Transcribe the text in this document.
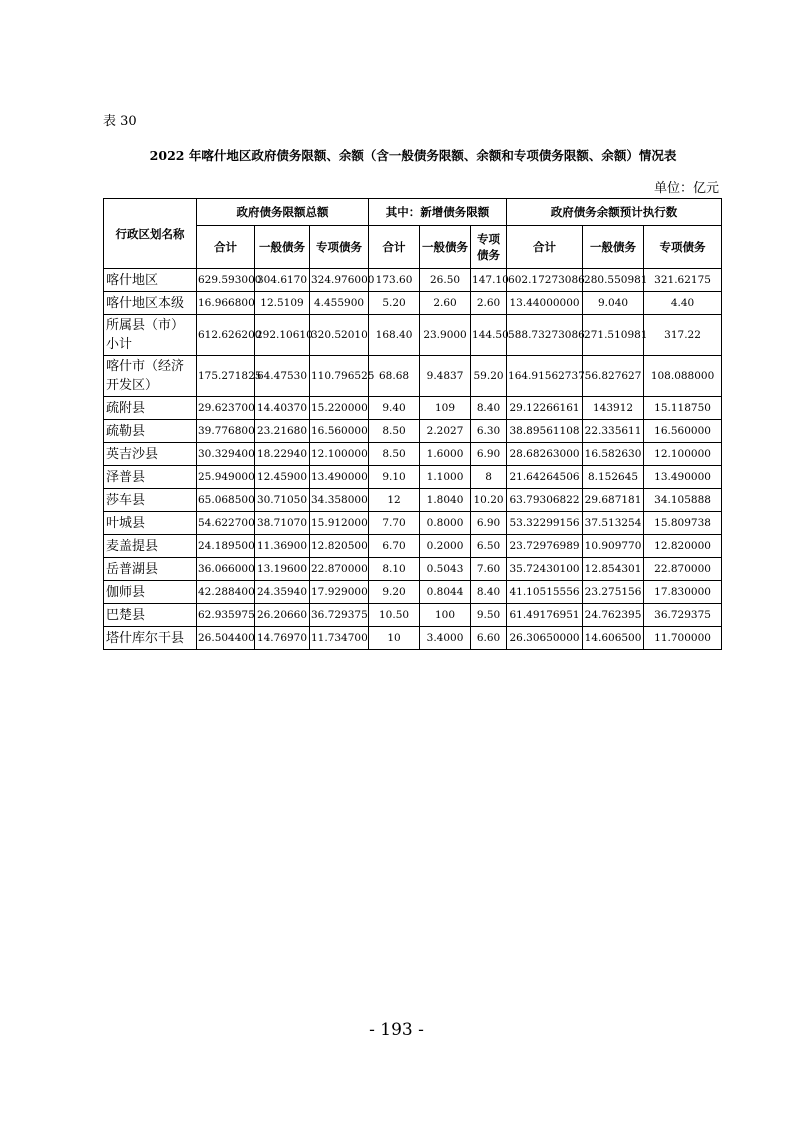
表 30
2022 年喀什地区政府债务限额、余额（含一般债务限额、余额和专项债务限额、余额）情况表
单位：亿元
行政区划名称	政府债务限额总额			其中：新增债务限额			政府债务余额预计执行数		
	合计	一般债务	专项债务	合计	一般债务	专项债务	合计	一般债务	专项债务
喀什地区	629.593000	304.6170	324.976000	173.60	26.50	147.10	602.17273086	280.550981	321.62175
喀什地区本级	16.966800	12.5109	4.455900	5.20	2.60	2.60	13.44000000	9.040	4.40
所属县（市）小计	612.626200	292.10610	320.52010	168.40	23.9000	144.50	588.73273086	271.510981	317.22
喀什市（经济开发区）	175.271825	64.47530	110.796525	68.68	9.4837	59.20	164.91562737	56.827627	108.088000
疏附县	29.623700	14.40370	15.220000	9.40	109	8.40	29.12266161	143912	15.118750
疏勒县	39.776800	23.21680	16.560000	8.50	2.2027	6.30	38.89561108	22.335611	16.560000
英吉沙县	30.329400	18.22940	12.100000	8.50	1.6000	6.90	28.68263000	16.582630	12.100000
泽普县	25.949000	12.45900	13.490000	9.10	1.1000	8	21.64264506	8.152645	13.490000
莎车县	65.068500	30.71050	34.358000	12	1.8040	10.20	63.79306822	29.687181	34.105888
叶城县	54.622700	38.71070	15.912000	7.70	0.8000	6.90	53.32299156	37.513254	15.809738
麦盖提县	24.189500	11.36900	12.820500	6.70	0.2000	6.50	23.72976989	10.909770	12.820000
岳普湖县	36.066000	13.19600	22.870000	8.10	0.5043	7.60	35.72430100	12.854301	22.870000
伽师县	42.288400	24.35940	17.929000	9.20	0.8044	8.40	41.10515556	23.275156	17.830000
巴楚县	62.935975	26.20660	36.729375	10.50	100	9.50	61.49176951	24.762395	36.729375
塔什库尔干县	26.504400	14.76970	11.734700	10	3.4000	6.60	26.30650000	14.606500	11.700000
- 193 -
